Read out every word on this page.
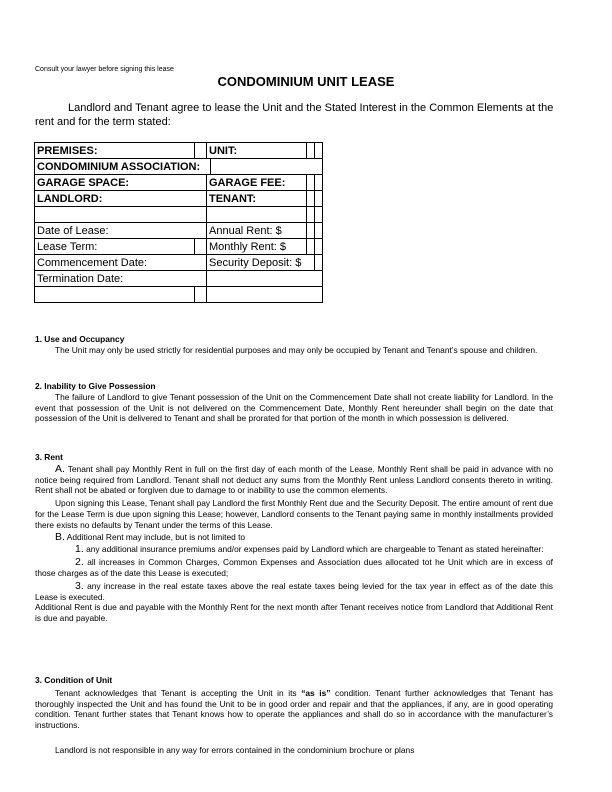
Consult your lawyer before signing this lease
CONDOMINIUM UNIT LEASE
Landlord and Tenant agree to lease the Unit and the Stated Interest in the Common Elements at the rent and for the term stated:
PREMISES:		UNIT:			
CONDOMINIUM ASSOCIATION:					
GARAGE SPACE:		GARAGE FEE:			
LANDLORD:		TENANT:			

Date of Lease:		Annual Rent: $			
Lease Term:		Monthly Rent: $			
Commencement Date:		Security Deposit: $			
Termination Date:					

1. Use and Occupancy

The Unit may only be used strictly for residential purposes and may only be occupied by Tenant and Tenant’s spouse and children.

2. Inability to Give Possession

The failure of Landlord to give Tenant possession of the Unit on the Commencement Date shall not create liability for Landlord. In the event that possession of the Unit is not delivered on the Commencement Date, Monthly Rent hereunder shall begin on the date that possession of the Unit is delivered to Tenant and shall be prorated for that portion of the month in which possession is delivered.

3. Rent

A. Tenant shall pay Monthly Rent in full on the first day of each month of the Lease. Monthly Rent shall be paid in advance with no notice being required from Landlord. Tenant shall not deduct any sums from the Monthly Rent unless Landlord consents thereto in writing. Rent shall not be abated or forgiven due to damage to or inability to use the common elements.

Upon signing this Lease, Tenant shall pay Landlord the first Monthly Rent due and the Security Deposit. The entire amount of rent due for the Lease Term is due upon signing this Lease; however, Landlord consents to the Tenant paying same in monthly installments provided there exists no defaults by Tenant under the terms of this Lease.

B. Additional Rent may include, but is not limited to

1. any additional insurance premiums and/or expenses paid by Landlord which are chargeable to Tenant as stated hereinafter:

2. all increases in Common Charges, Common Expenses and Association dues allocated tot he Unit which are in excess of those charges as of the date this Lease is executed;

3. any increase in the real estate taxes above the real estate taxes being levied for the tax year in effect as of the date this Lease is executed.

Additional Rent is due and payable with the Monthly Rent for the next month after Tenant receives notice from Landlord that Additional Rent is due and payable.

3. Condition of Unit

Tenant acknowledges that Tenant is accepting the Unit in its “as is” condition. Tenant further acknowledges that Tenant has thoroughly inspected the Unit and has found the Unit to be in good order and repair and that the appliances, if any, are in good operating condition. Tenant further states that Tenant knows how to operate the appliances and shall do so in accordance with the manufacturer’s instructions.

Landlord is not responsible in any way for errors contained in the condominium brochure or plans
